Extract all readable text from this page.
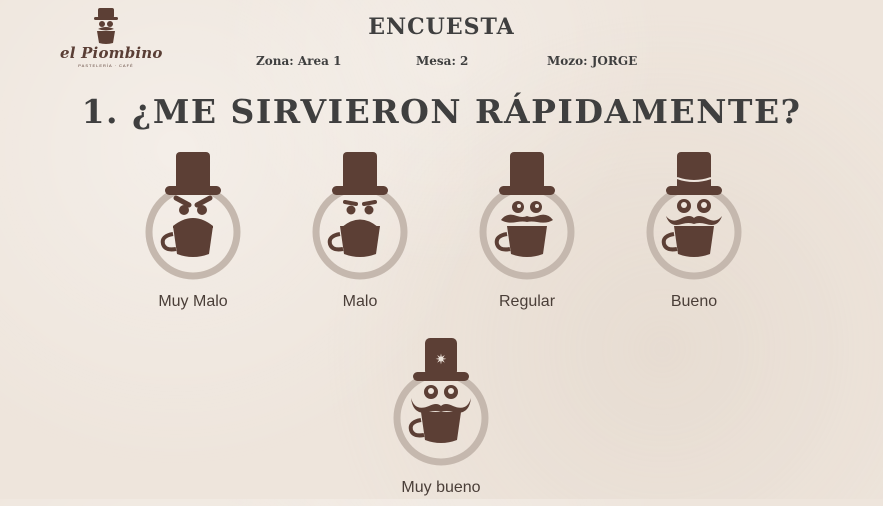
el Piombino
PASTELERÍA · CAFÉ
ENCUESTA
Zona: Area 1	Mesa: 2	Mozo: JORGE
1. ¿ME SIRVIERON RÁPIDAMENTE?
Muy Malo	Malo	Regular	Bueno
✷
Muy bueno
